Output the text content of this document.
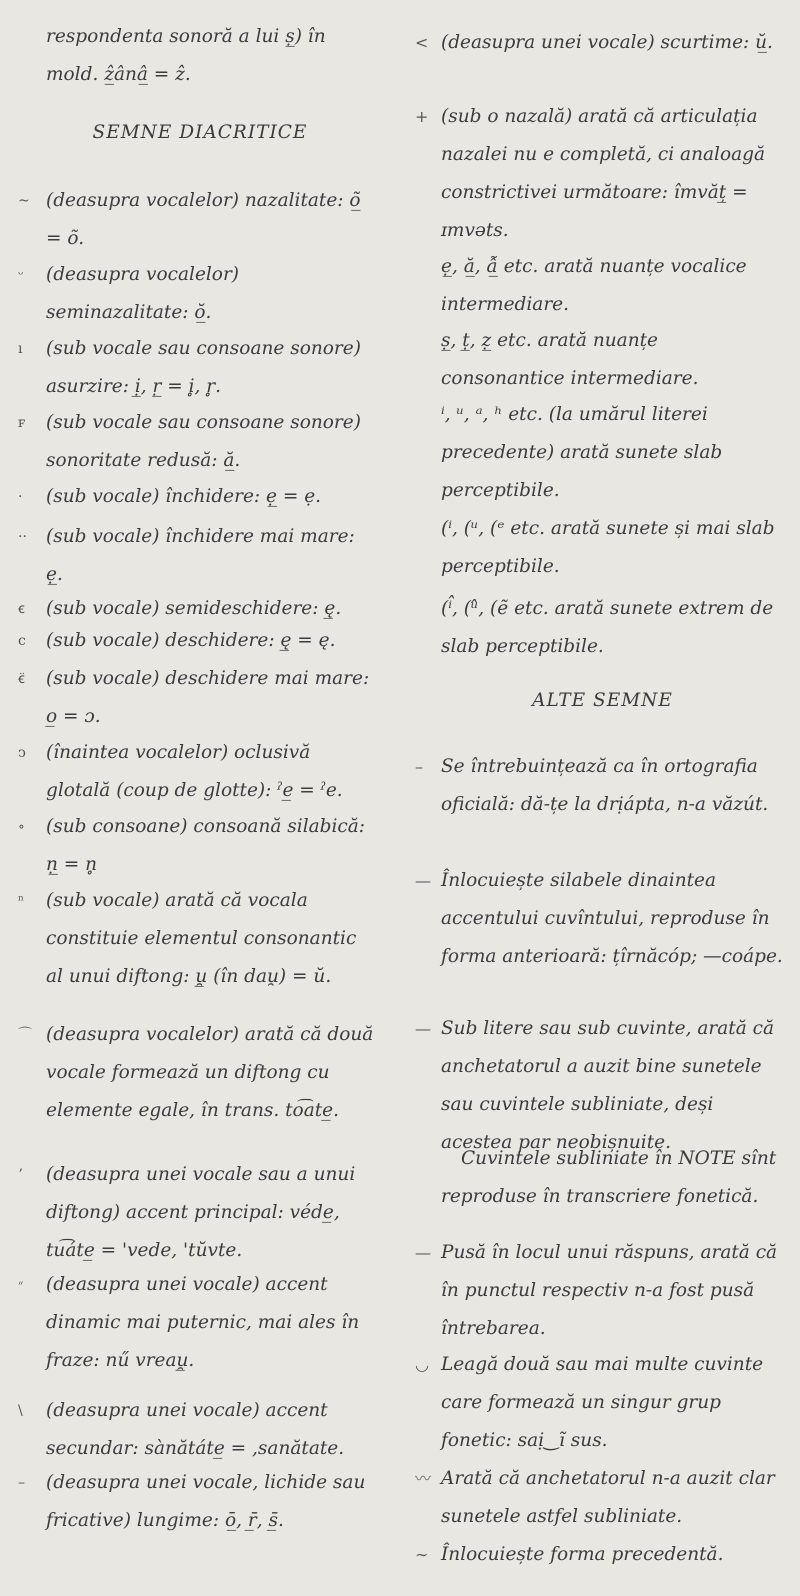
respondenta sonoră a lui ṣ̲) în mold. ẑ̲ânâ̲ = ẑ.
SEMNE DIACRITICE
~ (deasupra vocalelor) nazalitate: õ̲ = õ.
ᵕ (deasupra vocalelor) seminazalitate: ŏ̲.
ı (sub vocale sau consoane sonore) asurzire: ị̲, ṛ̲ = i̥, r̥.
ꜰ (sub vocale sau consoane sonore) sonoritate redusă: ă̲.
· (sub vocale) închidere: ẹ̲ = ẹ.
·· (sub vocale) închidere mai mare: ẹ̲.
ꞓ (sub vocale) semideschidere: ę̲.
c (sub vocale) deschidere: ę̲ = ę.
ꞓ̈ (sub vocale) deschidere mai mare: o̲ = ɔ.
ↄ (înaintea vocalelor) oclusivă glotală (coup de glotte): ˀe̲ = ˀe.
∘ (sub consoane) consoană silabică: ṇ̲ = n̥
ⁿ (sub vocale) arată că vocala constituie elementul consonantic al unui diftong: u̯̲ (în dau̯) = ŭ.
⌒ (deasupra vocalelor) arată că două vocale formează un diftong cu elemente egale, în trans. to͡ate̲.
ʼ (deasupra unei vocale sau a unui diftong) accent principal: véde̲, tu͡áte̲ = 'vede, 'tŭvte.
״ (deasupra unei vocale) accent dinamic mai puternic, mai ales în fraze: nű vreau̯̲.
\ (deasupra unei vocale) accent secundar: sànătáte̲ = ,sanătate.
– (deasupra unei vocale, lichide sau fricative) lungime: ō̲, r̲̄, s̲̄.
< (deasupra unei vocale) scurtime: ŭ̲.
+ (sub o nazală) arată că articulația nazalei nu e completă, ci analoagă constrictivei următoare: îmvăț̲ = ɪmvəts.
ẹ̲, ă̲, ẫ̲ etc. arată nuanțe vocalice intermediare.
ṣ̲, ṭ̲, ẓ̲ etc. arată nuanțe consonantice intermediare.
ⁱ, ᵘ, ᵃ, ʰ etc. (la umărul literei precedente) arată sunete slab perceptibile.
(ⁱ, (ᵘ, (ᵉ etc. arată sunete și mai slab perceptibile.
(ⁱ̂, (ᵘ̂, (ẽ etc. arată sunete extrem de slab perceptibile.
ALTE SEMNE
– Se întrebuințează ca în ortografia oficială: dă-țe la drịápta, n-a văzút.
— Înlocuiește silabele dinaintea accentului cuvîntului, reproduse în forma anterioară: țîrnăcóp; —coápe.
— Sub litere sau sub cuvinte, arată că anchetatorul a auzit bine sunetele sau cuvintele subliniate, deși acestea par neobișnuite.
Cuvintele subliniate în NOTE sînt reproduse în transcriere fonetică.
— Pusă în locul unui răspuns, arată că în punctul respectiv n-a fost pusă întrebarea.
◡ Leagă două sau mai multe cuvinte care formează un singur grup fonetic: saị‿ĩ sus.
〰 Arată că anchetatorul n-a auzit clar sunetele astfel subliniate.
∼ Înlocuiește forma precedentă.
